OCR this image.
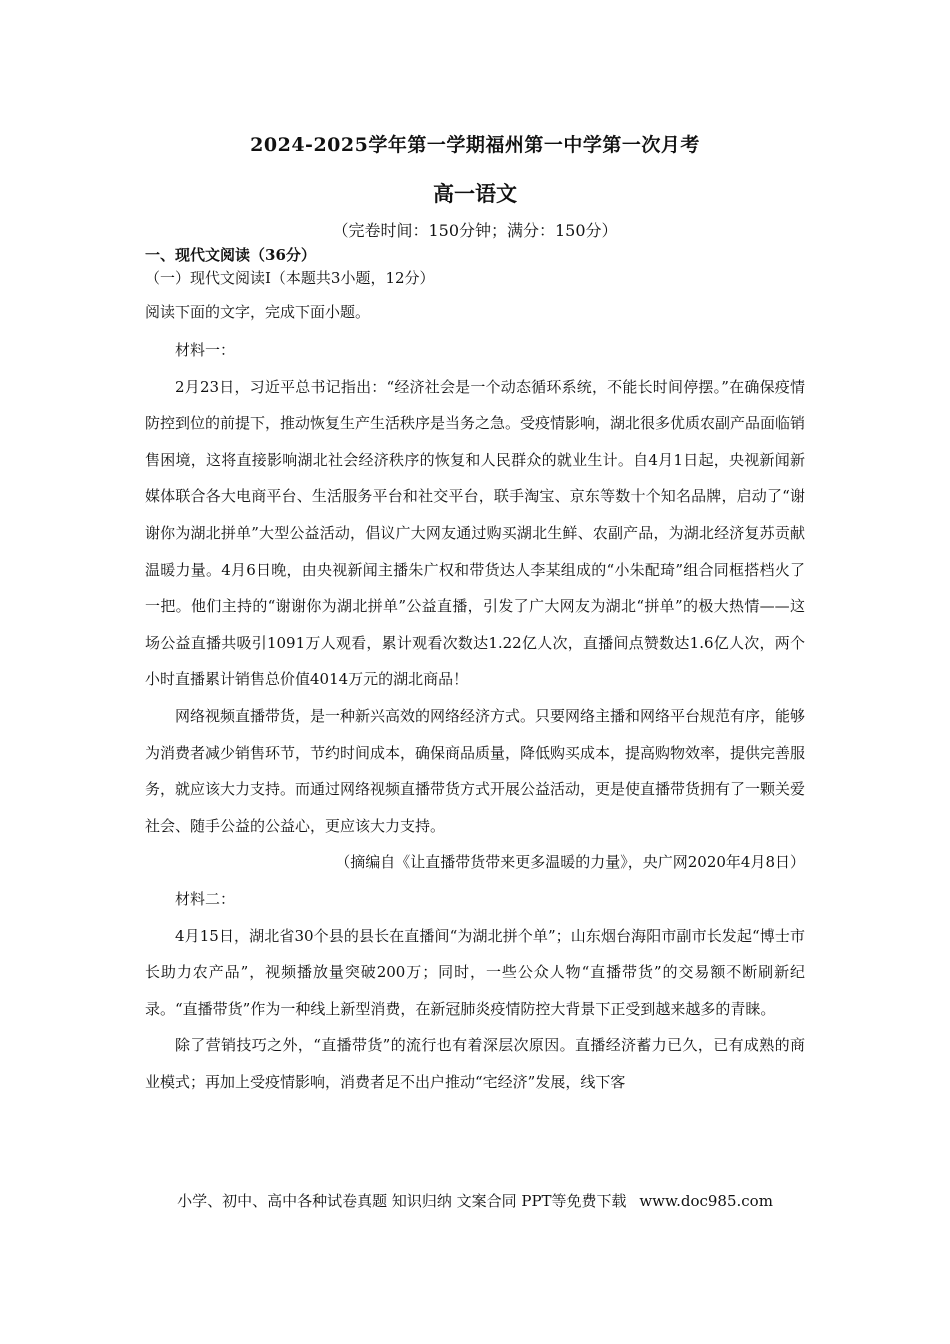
2024-2025学年第一学期福州第一中学第一次月考
高一语文
（完卷时间：150分钟；满分：150分）
一、现代文阅读（36分）
（一）现代文阅读Ⅰ（本题共3小题，12分）
阅读下面的文字，完成下面小题。

材料一：

2月23日，习近平总书记指出：“经济社会是一个动态循环系统，不能长时间停摆。”在确保疫情防控到位的前提下，推动恢复生产生活秩序是当务之急。受疫情影响，湖北很多优质农副产品面临销售困境，这将直接影响湖北社会经济秩序的恢复和人民群众的就业生计。自4月1日起，央视新闻新媒体联合各大电商平台、生活服务平台和社交平台，联手淘宝、京东等数十个知名品牌，启动了“谢谢你为湖北拼单”大型公益活动，倡议广大网友通过购买湖北生鲜、农副产品，为湖北经济复苏贡献温暖力量。4月6日晚，由央视新闻主播朱广权和带货达人李某组成的“小朱配琦”组合同框搭档火了一把。他们主持的“谢谢你为湖北拼单”公益直播，引发了广大网友为湖北“拼单”的极大热情——这场公益直播共吸引1091万人观看，累计观看次数达1.22亿人次，直播间点赞数达1.6亿人次，两个小时直播累计销售总价值4014万元的湖北商品！

网络视频直播带货，是一种新兴高效的网络经济方式。只要网络主播和网络平台规范有序，能够为消费者减少销售环节，节约时间成本，确保商品质量，降低购买成本，提高购物效率，提供完善服务，就应该大力支持。而通过网络视频直播带货方式开展公益活动，更是使直播带货拥有了一颗关爱社会、随手公益的公益心，更应该大力支持。

（摘编自《让直播带货带来更多温暖的力量》，央广网2020年4月8日）

材料二：

4月15日，湖北省30个县的县长在直播间“为湖北拼个单”；山东烟台海阳市副市长发起“博士市长助力农产品”，视频播放量突破200万；同时，一些公众人物“直播带货”的交易额不断刷新纪录。“直播带货”作为一种线上新型消费，在新冠肺炎疫情防控大背景下正受到越来越多的青睐。

除了营销技巧之外，“直播带货”的流行也有着深层次原因。直播经济蓄力已久，已有成熟的商业模式；再加上受疫情影响，消费者足不出户推动“宅经济”发展，线下客

小学、初中、高中各种试卷真题 知识归纳 文案合同 PPT等免费下载 www.doc985.com
